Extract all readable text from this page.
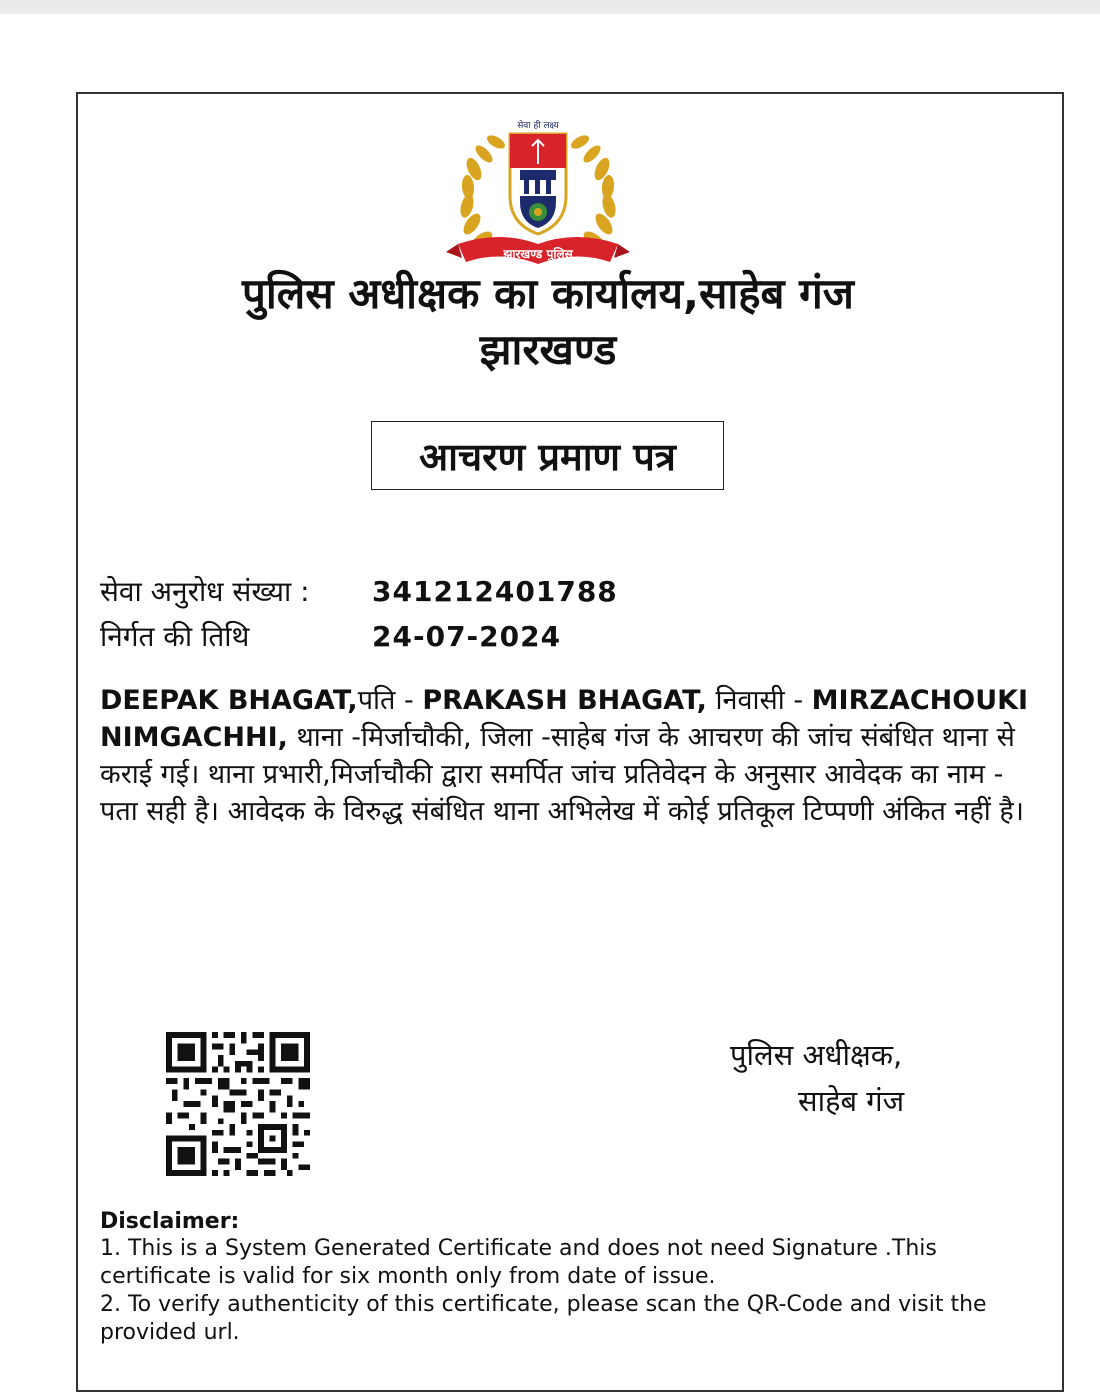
सेवा ही लक्ष्य
झारखण्ड पुलिस
पुलिस अधीक्षक का कार्यालय,साहेब गंज
झारखण्ड
आचरण प्रमाण पत्र
सेवा अनुरोध संख्या : 341212401788
निर्गत की तिथि	24-07-2024

DEEPAK BHAGAT,पति - PRAKASH BHAGAT, निवासी - MIRZACHOUKI NIMGACHHI, थाना -मिर्जाचौकी, जिला -साहेब गंज के आचरण की जांच संबंधित थाना से कराई गई। थाना प्रभारी,मिर्जाचौकी द्वारा समर्पित जांच प्रतिवेदन के अनुसार आवेदक का नाम - पता सही है। आवेदक के विरुद्ध संबंधित थाना अभिलेख में कोई प्रतिकूल टिप्पणी अंकित नहीं है।

पुलिस अधीक्षक,
साहेब गंज
Disclaimer:
1. This is a System Generated Certificate and does not need Signature .This certificate is valid for six month only from date of issue.
2. To verify authenticity of this certificate, please scan the QR-Code and visit the provided url.
